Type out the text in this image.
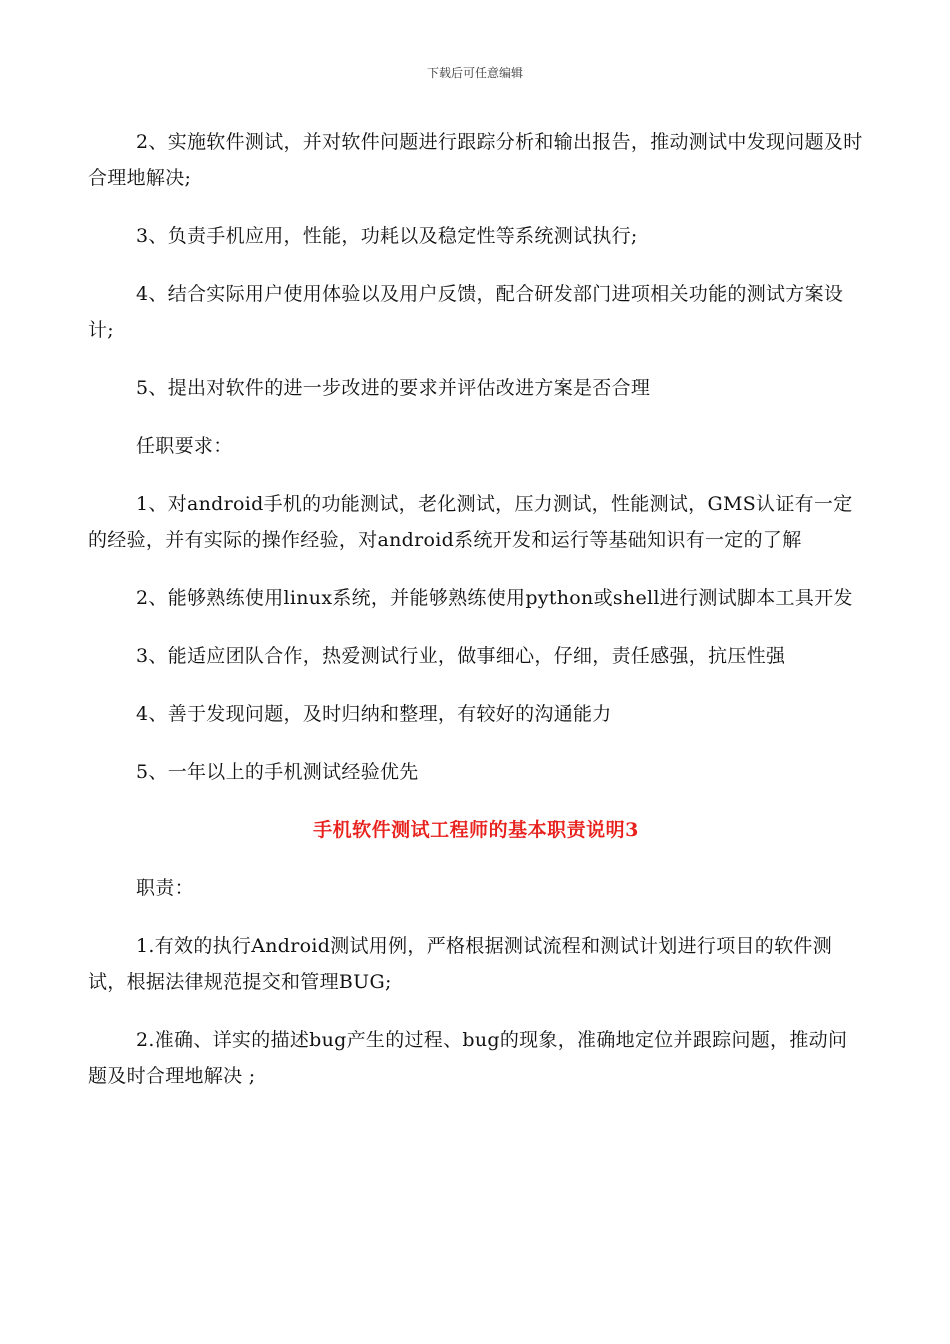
下载后可任意编辑

2、实施软件测试，并对软件问题进行跟踪分析和输出报告，推动测试中发现问题及时合理地解决;

3、负责手机应用，性能，功耗以及稳定性等系统测试执行;

4、结合实际用户使用体验以及用户反馈，配合研发部门进项相关功能的测试方案设计;

5、提出对软件的进一步改进的要求并评估改进方案是否合理

任职要求：

1、对android手机的功能测试，老化测试，压力测试，性能测试，GMS认证有一定的经验，并有实际的操作经验，对android系统开发和运行等基础知识有一定的了解

2、能够熟练使用linux系统，并能够熟练使用python或shell进行测试脚本工具开发

3、能适应团队合作，热爱测试行业，做事细心，仔细，责任感强，抗压性强

4、善于发现问题，及时归纳和整理，有较好的沟通能力

5、一年以上的手机测试经验优先

手机软件测试工程师的基本职责说明3

职责：

1.有效的执行Android测试用例，严格根据测试流程和测试计划进行项目的软件测试，根据法律规范提交和管理BUG;

2.准确、详实的描述bug产生的过程、bug的现象，准确地定位并跟踪问题，推动问题及时合理地解决 ;
